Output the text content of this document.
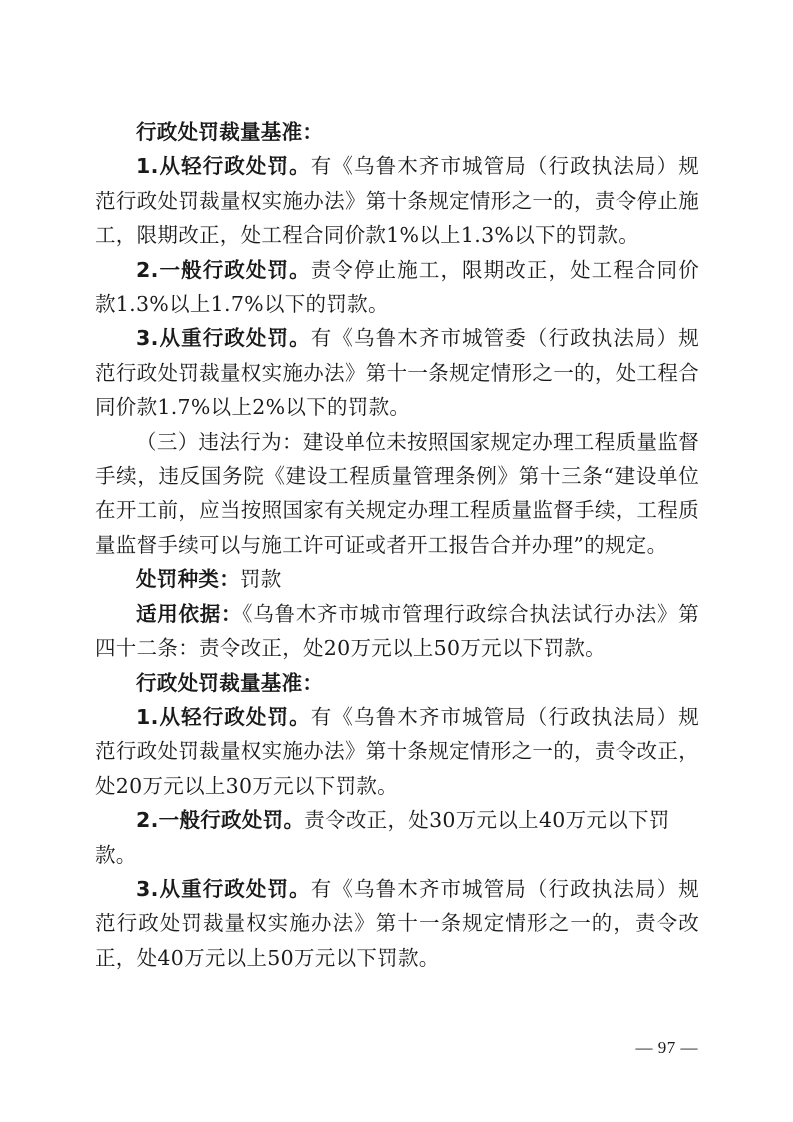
行政处罚裁量基准：

1.从轻行政处罚。有《乌鲁木齐市城管局（行政执法局）规范行政处罚裁量权实施办法》第十条规定情形之一的，责令停止施工，限期改正，处工程合同价款1%以上1.3%以下的罚款。

2.一般行政处罚。责令停止施工，限期改正，处工程合同价款1.3%以上1.7%以下的罚款。

3.从重行政处罚。有《乌鲁木齐市城管委（行政执法局）规范行政处罚裁量权实施办法》第十一条规定情形之一的，处工程合同价款1.7%以上2%以下的罚款。

（三）违法行为：建设单位未按照国家规定办理工程质量监督手续，违反国务院《建设工程质量管理条例》第十三条“建设单位在开工前，应当按照国家有关规定办理工程质量监督手续，工程质量监督手续可以与施工许可证或者开工报告合并办理”的规定。

处罚种类：罚款

适用依据：《乌鲁木齐市城市管理行政综合执法试行办法》第四十二条：责令改正，处20万元以上50万元以下罚款。

行政处罚裁量基准：

1.从轻行政处罚。有《乌鲁木齐市城管局（行政执法局）规范行政处罚裁量权实施办法》第十条规定情形之一的，责令改正，处20万元以上30万元以下罚款。

2.一般行政处罚。责令改正，处30万元以上40万元以下罚款。

3.从重行政处罚。有《乌鲁木齐市城管局（行政执法局）规范行政处罚裁量权实施办法》第十一条规定情形之一的，责令改正，处40万元以上50万元以下罚款。

— 97 —
